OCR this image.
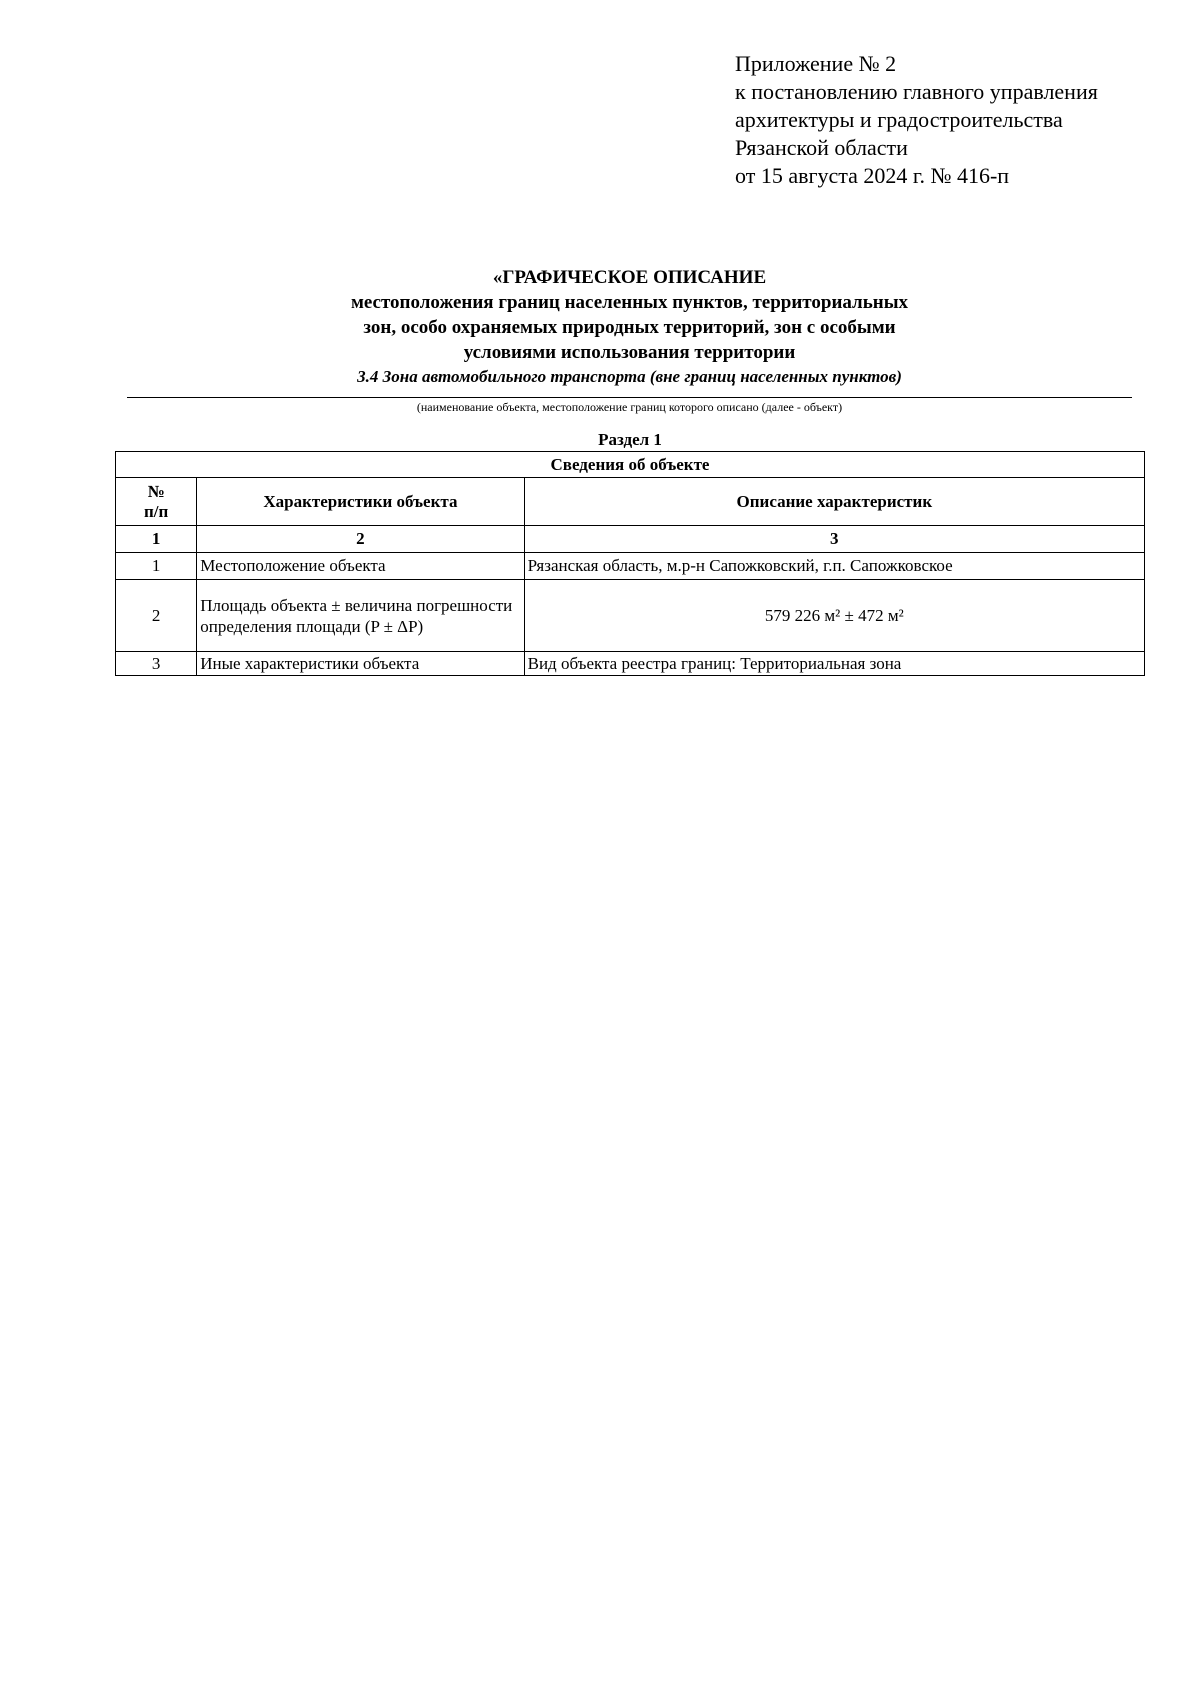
Приложение № 2
к постановлению главного управления
архитектуры и градостроительства
Рязанской области
от 15 августа 2024 г. № 416-п
«ГРАФИЧЕСКОЕ ОПИСАНИЕ
местоположения границ населенных пунктов, территориальных
зон, особо охраняемых природных территорий, зон с особыми
условиями использования территории
3.4 Зона автомобильного транспорта (вне границ населенных пунктов)
(наименование объекта, местоположение границ которого описано (далее - объект)
Раздел 1
Сведения об объекте		
№
п/п	Характеристики объекта	Описание характеристик
1	2	3
1	Местоположение объекта	Рязанская область, м.р-н Сапожковский, г.п. Сапожковское
2	Площадь объекта ± величина погрешности определения площади (P ± ΔP)	579 226 м² ± 472 м²
3	Иные характеристики объекта	Вид объекта реестра границ: Территориальная зона
